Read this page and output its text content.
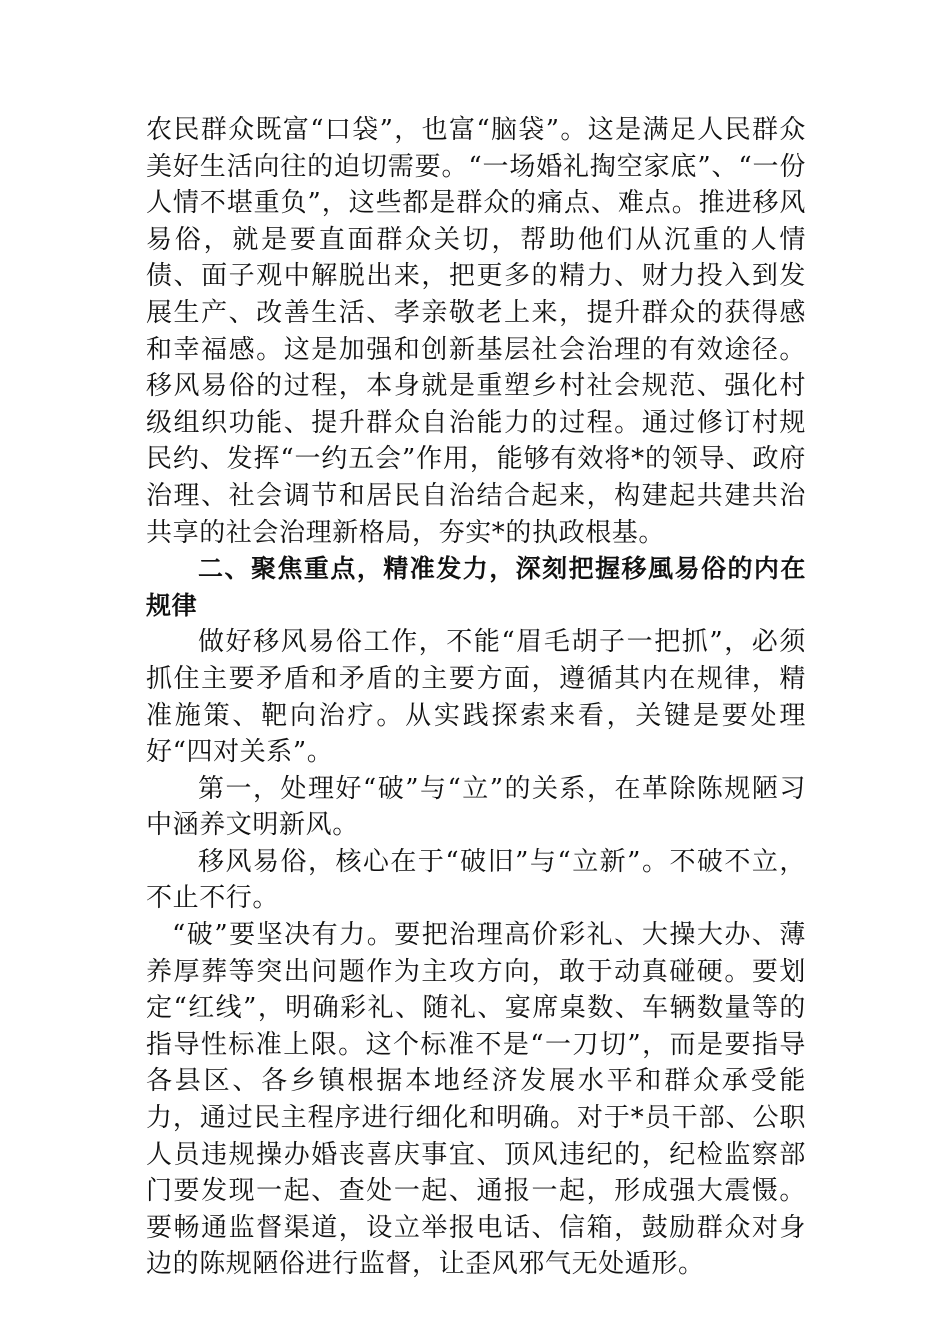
农民群众既富“口袋”，也富“脑袋”。这是满足人民群众美好生活向往的迫切需要。“一场婚礼掏空家底”、“一份人情不堪重负”，这些都是群众的痛点、难点。推进移风易俗，就是要直面群众关切，帮助他们从沉重的人情债、面子观中解脱出来，把更多的精力、财力投入到发展生产、改善生活、孝亲敬老上来，提升群众的获得感和幸福感。这是加强和创新基层社会治理的有效途径。移风易俗的过程，本身就是重塑乡村社会规范、强化村级组织功能、提升群众自治能力的过程。通过修订村规民约、发挥“一约五会”作用，能够有效将*的领导、政府治理、社会调节和居民自治结合起来，构建起共建共治共享的社会治理新格局，夯实*的执政根基。

二、聚焦重点，精准发力，深刻把握移風易俗的内在规律

做好移风易俗工作，不能“眉毛胡子一把抓”，必须抓住主要矛盾和矛盾的主要方面，遵循其内在规律，精准施策、靶向治疗。从实践探索来看，关键是要处理好“四对关系”。

第一，处理好“破”与“立”的关系，在革除陈规陋习中涵养文明新风。

移风易俗，核心在于“破旧”与“立新”。不破不立，不止不行。

“破”要坚决有力。要把治理高价彩礼、大操大办、薄养厚葬等突出问题作为主攻方向，敢于动真碰硬。要划定“红线”，明确彩礼、随礼、宴席桌数、车辆数量等的指导性标准上限。这个标准不是“一刀切”，而是要指导各县区、各乡镇根据本地经济发展水平和群众承受能力，通过民主程序进行细化和明确。对于*员干部、公职人员违规操办婚丧喜庆事宜、顶风违纪的，纪检监察部门要发现一起、查处一起、通报一起，形成强大震慑。要畅通监督渠道，设立举报电话、信箱，鼓励群众对身边的陈规陋俗进行监督，让歪风邪气无处遁形。
